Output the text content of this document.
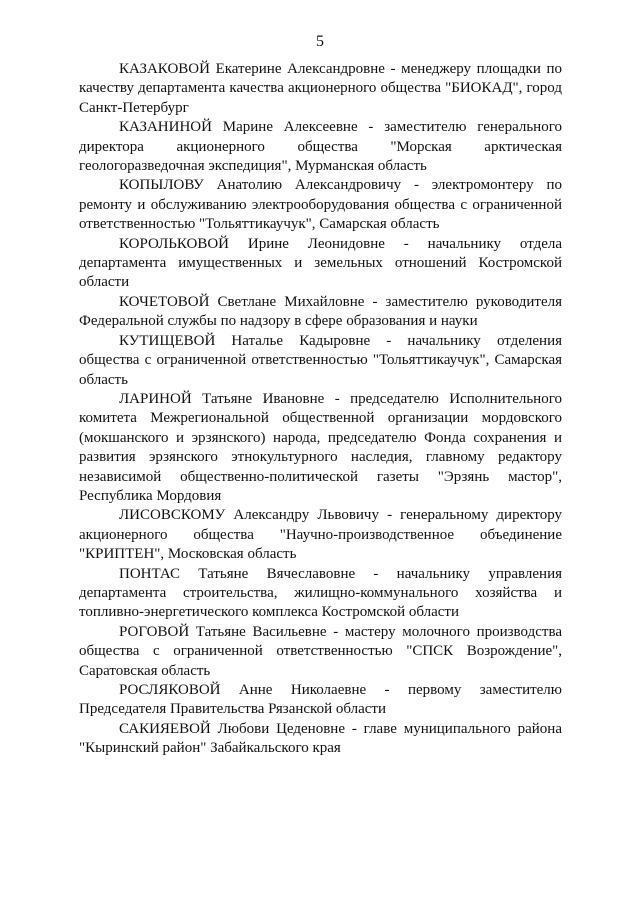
5

КАЗАКОВОЙ Екатерине Александровне - менеджеру площадки по качеству департамента качества акционерного общества "БИОКАД", город Санкт-Петербург

КАЗАНИНОЙ Марине Алексеевне - заместителю генерального директора акционерного общества "Морская арктическая геологоразведочная экспедиция", Мурманская область

КОПЫЛОВУ Анатолию Александровичу - электромонтеру по ремонту и обслуживанию электрооборудования общества с ограниченной ответственностью "Тольяттикаучук", Самарская область

КОРОЛЬКОВОЙ Ирине Леонидовне - начальнику отдела департамента имущественных и земельных отношений Костромской области

КОЧЕТОВОЙ Светлане Михайловне - заместителю руководителя Федеральной службы по надзору в сфере образования и науки

КУТИЩЕВОЙ Наталье Кадыровне - начальнику отделения общества с ограниченной ответственностью "Тольяттикаучук", Самарская область

ЛАРИНОЙ Татьяне Ивановне - председателю Исполнительного комитета Межрегиональной общественной организации мордовского (мокшанского и эрзянского) народа, председателю Фонда сохранения и развития эрзянского этнокультурного наследия, главному редактору независимой общественно-политической газеты "Эрзянь мастор", Республика Мордовия

ЛИСОВСКОМУ Александру Львовичу - генеральному директору акционерного общества "Научно-производственное объединение "КРИПТЕН", Московская область

ПОНТАС Татьяне Вячеславовне - начальнику управления департамента строительства, жилищно-коммунального хозяйства и топливно-энергетического комплекса Костромской области

РОГОВОЙ Татьяне Васильевне - мастеру молочного производства общества с ограниченной ответственностью "СПСК Возрождение", Саратовская область

РОСЛЯКОВОЙ Анне Николаевне - первому заместителю Председателя Правительства Рязанской области

САКИЯЕВОЙ Любови Цеденовне - главе муниципального района "Кыринский район" Забайкальского края
